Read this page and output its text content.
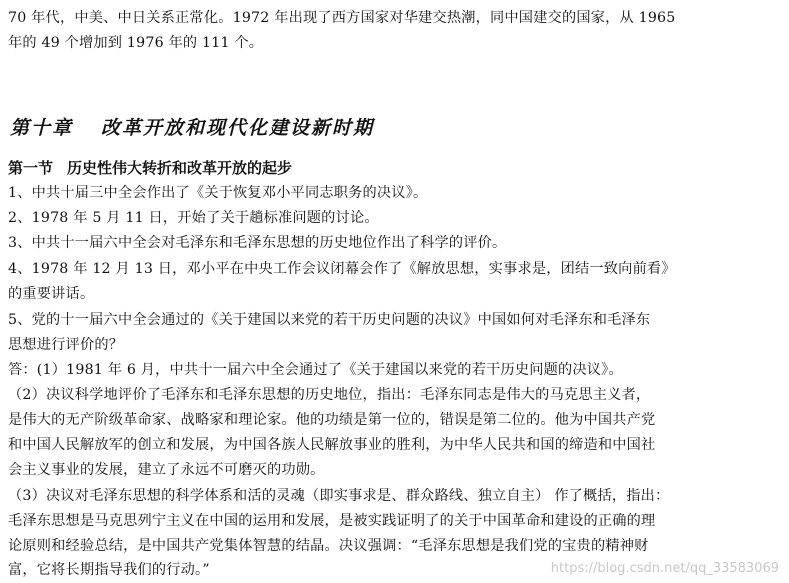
70 年代，中美、中日关系正常化。1972 年出现了西方国家对华建交热潮，同中国建交的国家，从 1965
年的 49 个增加到 1976 年的 111 个。
第十章 改革开放和现代化建设新时期
第一节 历史性伟大转折和改革开放的起步
1、中共十届三中全会作出了《关于恢复邓小平同志职务的决议》。
2、1978 年 5 月 11 日，开始了关于趟标准问题的讨论。
3、中共十一届六中全会对毛泽东和毛泽东思想的历史地位作出了科学的评价。
4、1978 年 12 月 13 日，邓小平在中央工作会议闭幕会作了《解放思想，实事求是，团结一致向前看》
的重要讲话。
5、党的十一届六中全会通过的《关于建国以来党的若干历史问题的决议》中国如何对毛泽东和毛泽东
思想进行评价的？
答：(1）1981 年 6 月，中共十一届六中全会通过了《关于建国以来党的若干历史问题的决议》。
（2）决议科学地评价了毛泽东和毛泽东思想的历史地位，指出：毛泽东同志是伟大的马克思主义者，
是伟大的无产阶级革命家、战略家和理论家。他的功绩是第一位的，错误是第二位的。他为中国共产党
和中国人民解放军的创立和发展，为中国各族人民解放事业的胜利，为中华人民共和国的缔造和中国社
会主义事业的发展，建立了永远不可磨灭的功勋。
（3）决议对毛泽东思想的科学体系和活的灵魂（即实事求是、群众路线、独立自主） 作了概括，指出：
毛泽东思想是马克思列宁主义在中国的运用和发展，是被实践证明了的关于中国革命和建设的正确的理
论原则和经验总结，是中国共产党集体智慧的结晶。决议强调：“毛泽东思想是我们党的宝贵的精神财
富，它将长期指导我们的行动。”	https://blog.csdn.net/qq_33583069
